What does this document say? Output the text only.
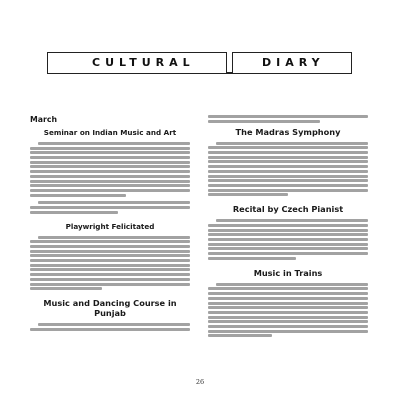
CULTURAL	DIARY
March
Seminar on Indian Music and Art
Playwright Felicitated
Music and Dancing Course in Punjab
The Madras Symphony
Recital by Czech Pianist
Music in Trains
26
